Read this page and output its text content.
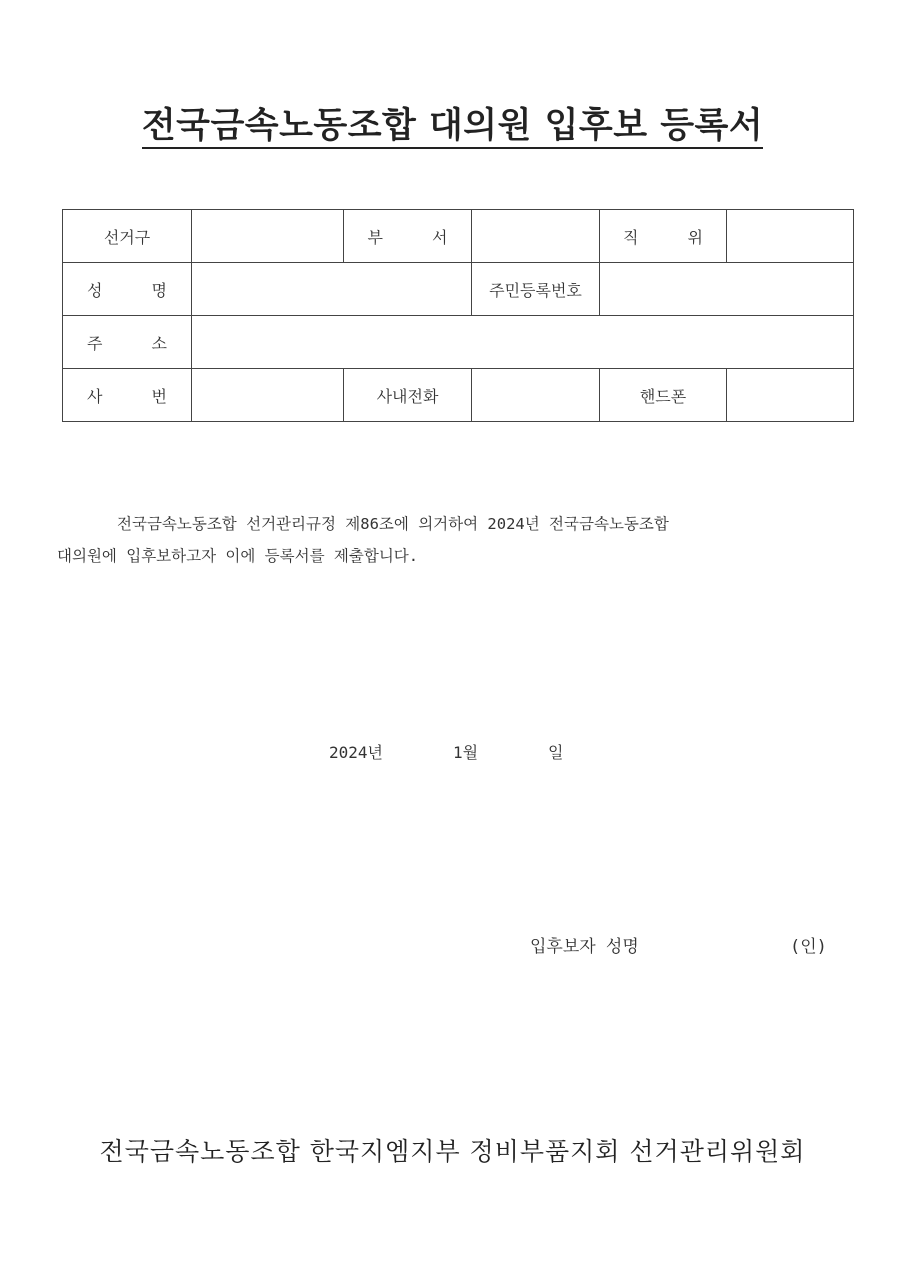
전국금속노동조합 대의원 입후보 등록서
선거구		부 서		직 위	
성 명			주민등록번호		
주 소					
사 번		사내전화		핸드폰	
전국금속노동조합 선거관리규정 제86조에 의거하여 2024년 전국금속노동조합
대의원에 입후보하고자 이에 등록서를 제출합니다.
2024년	1월	일
입후보자 성명	(인)
전국금속노동조합 한국지엠지부 정비부품지회 선거관리위원회
